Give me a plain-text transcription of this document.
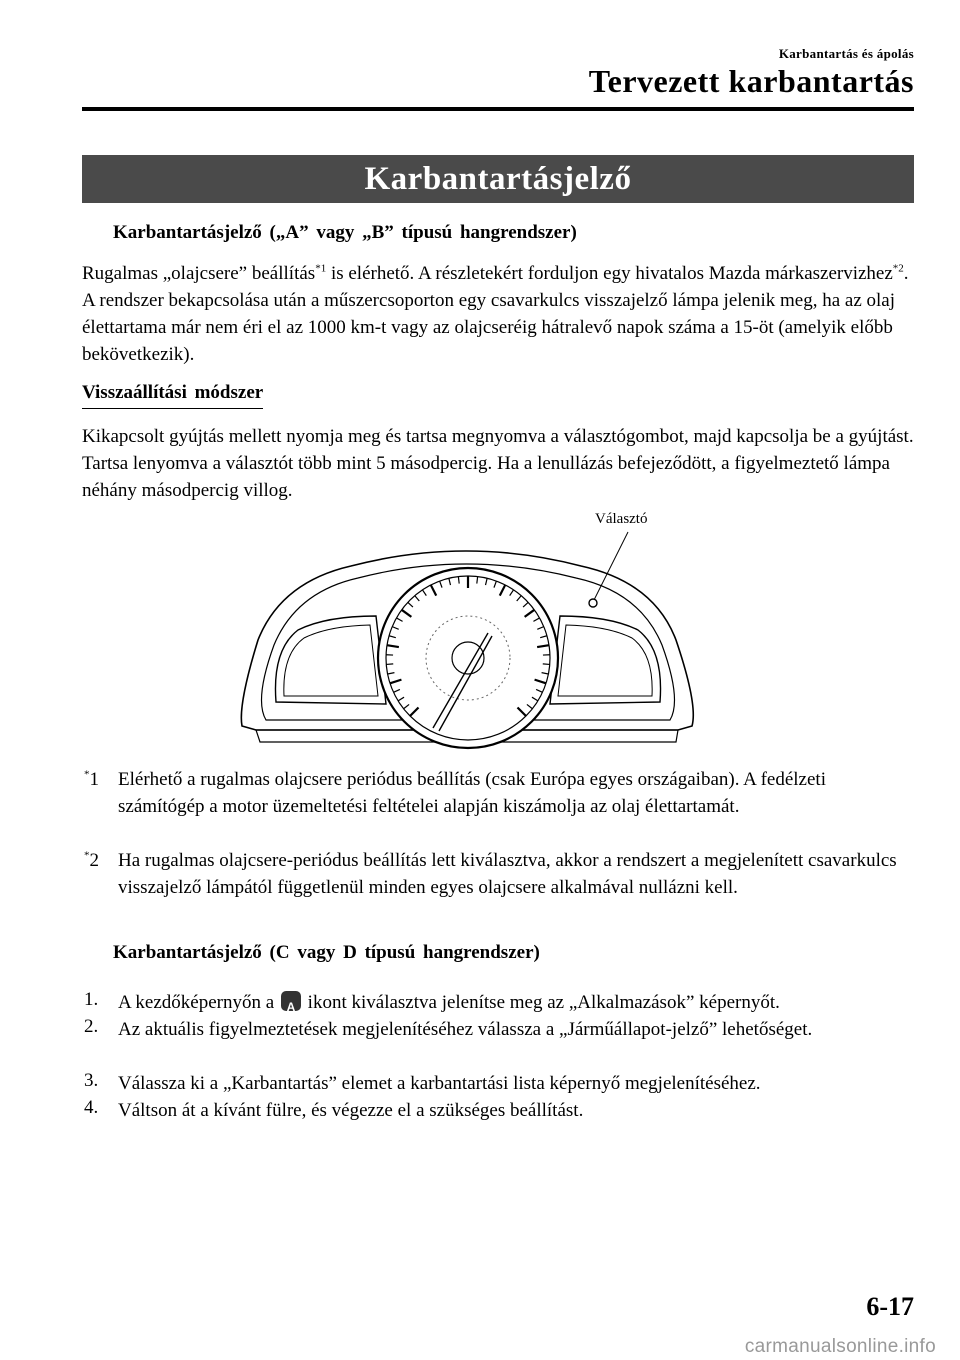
Karbantartás és ápolás
Tervezett karbantartás
Karbantartásjelző
Karbantartásjelző („A” vagy „B” típusú hangrendszer)
Rugalmas „olajcsere” beállítás$^{*1}$ is elérhető. A részletekért forduljon egy hivatalos Mazda márkaszervizhez$^{*2}$. A rendszer bekapcsolása után a műszercsoporton egy csavarkulcs visszajelző lámpa jelenik meg, ha az olaj élettartama már nem éri el az 1000 km-t vagy az olajcseréig hátralevő napok száma a 15-öt (amelyik előbb bekövetkezik).
Visszaállítási módszer
Kikapcsolt gyújtás mellett nyomja meg és tartsa megnyomva a választógombot, majd kapcsolja be a gyújtást. Tartsa lenyomva a választót több mint 5 másodpercig. Ha a lenullázás befejeződött, a figyelmeztető lámpa néhány másodpercig villog.
Választó
*1	Elérhető a rugalmas olajcsere periódus beállítás (csak Európa egyes országaiban). A fedélzeti számítógép a motor üzemeltetési feltételei alapján kiszámolja az olaj élettartamát.
*2	Ha rugalmas olajcsere-periódus beállítás lett kiválasztva, akkor a rendszert a megjelenített csavarkulcs visszajelző lámpától függetlenül minden egyes olajcsere alkalmával nullázni kell.
Karbantartásjelző (C vagy D típusú hangrendszer)
1. A kezdőképernyőn a A ikont kiválasztva jelenítse meg az „Alkalmazások” képernyőt.
2. Az aktuális figyelmeztetések megjelenítéséhez válassza a „Járműállapot-jelző” lehetőséget.
3. Válassza ki a „Karbantartás” elemet a karbantartási lista képernyő megjelenítéséhez.
4. Váltson át a kívánt fülre, és végezze el a szükséges beállítást.
6-17
carmanualsonline.info
